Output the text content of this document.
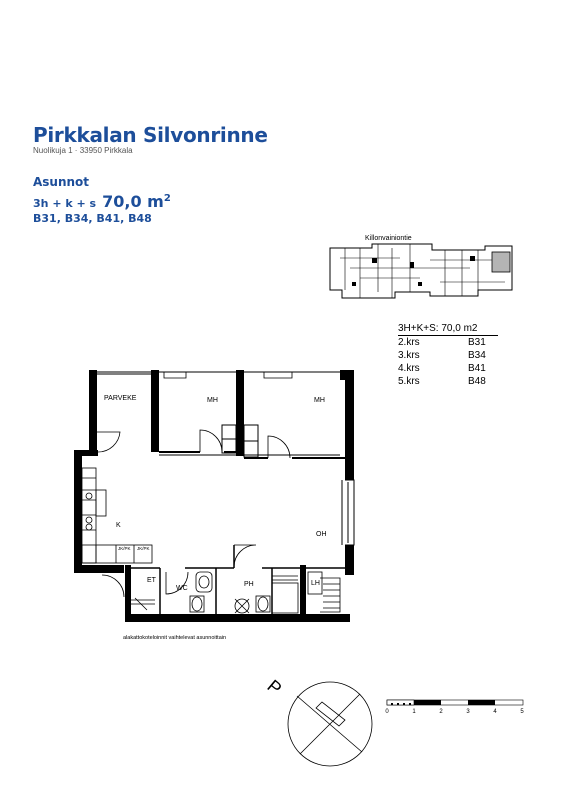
Pirkkalan Silvonrinne
Nuolikuja 1 · 33950 Pirkkala
Asunnot
3h + k + s 70,0 $m^2$
B31, B34, B41, B48
3H+K+S: 70,0 m2
2.krs	B31
3.krs	B34
4.krs	B41
5.krs	B48
Killonvainiontie
PARVEKE	MH	MH
K
OH
ET
WC
PH	LH
JK/PK JK/PK
alakattokoteloinnit vaihtelevat asunnoittain
P
0	1	2	3	4	5
